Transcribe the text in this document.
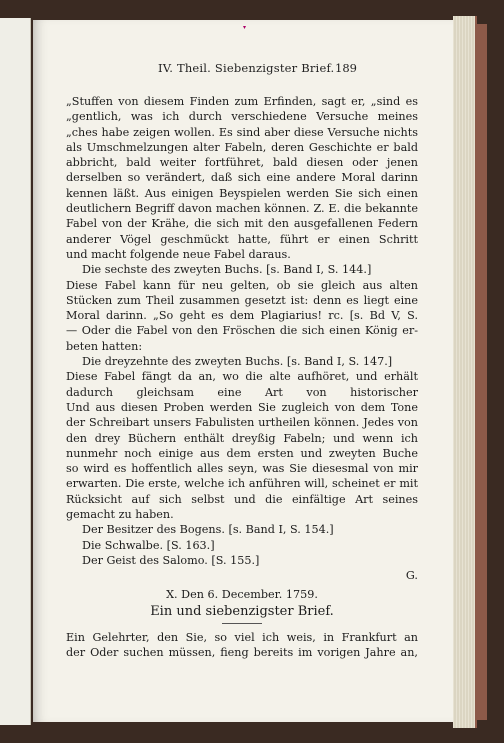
▾
IV. Theil. Siebenzigster Brief. 189
„Stuffen von diesem Finden zum Erfinden, sagt er, „sind es
„gentlich, was ich durch verschiedene Versuche meines
„ches habe zeigen wollen. Es sind aber diese Versuche nichts
als Umschmelzungen alter Fabeln, deren Geschichte er bald
abbricht, bald weiter fortführet, bald diesen oder jenen
derselben so verändert, daß sich eine andere Moral darinn
kennen läßt. Aus einigen Beyspielen werden Sie sich einen
deutlichern Begriff davon machen können. Z. E. die bekannte
Fabel von der Krähe, die sich mit den ausgefallenen Federn
anderer Vögel geschmückt hatte, führt er einen Schritt
und macht folgende neue Fabel daraus.
Die sechste des zweyten Buchs. [s. Band I, S. 144.]
Diese Fabel kann für neu gelten, ob sie gleich aus alten
Stücken zum Theil zusammen gesetzt ist: denn es liegt eine
Moral darinn. „So geht es dem Plagiarius! rc. [s. Bd V, S.
— Oder die Fabel von den Fröschen die sich einen König er-
beten hatten:
Die dreyzehnte des zweyten Buchs. [s. Band I, S. 147.]
Diese Fabel fängt da an, wo die alte aufhöret, und erhält
dadurch gleichsam eine Art von historischer
Und aus diesen Proben werden Sie zugleich von dem Tone
der Schreibart unsers Fabulisten urtheilen können. Jedes von
den drey Büchern enthält dreyßig Fabeln; und wenn ich
nunmehr noch einige aus dem ersten und zweyten Buche
so wird es hoffentlich alles seyn, was Sie diesesmal von mir
erwarten. Die erste, welche ich anführen will, scheinet er mit
Rücksicht auf sich selbst und die einfältige Art seines
gemacht zu haben.
Der Besitzer des Bogens. [s. Band I, S. 154.]
Die Schwalbe. [S. 163.]
Der Geist des Salomo. [S. 155.]
G.
X. Den 6. December. 1759.
Ein und siebenzigster Brief.
Ein Gelehrter, den Sie, so viel ich weis, in Frankfurt an
der Oder suchen müssen, fieng bereits im vorigen Jahre an,
